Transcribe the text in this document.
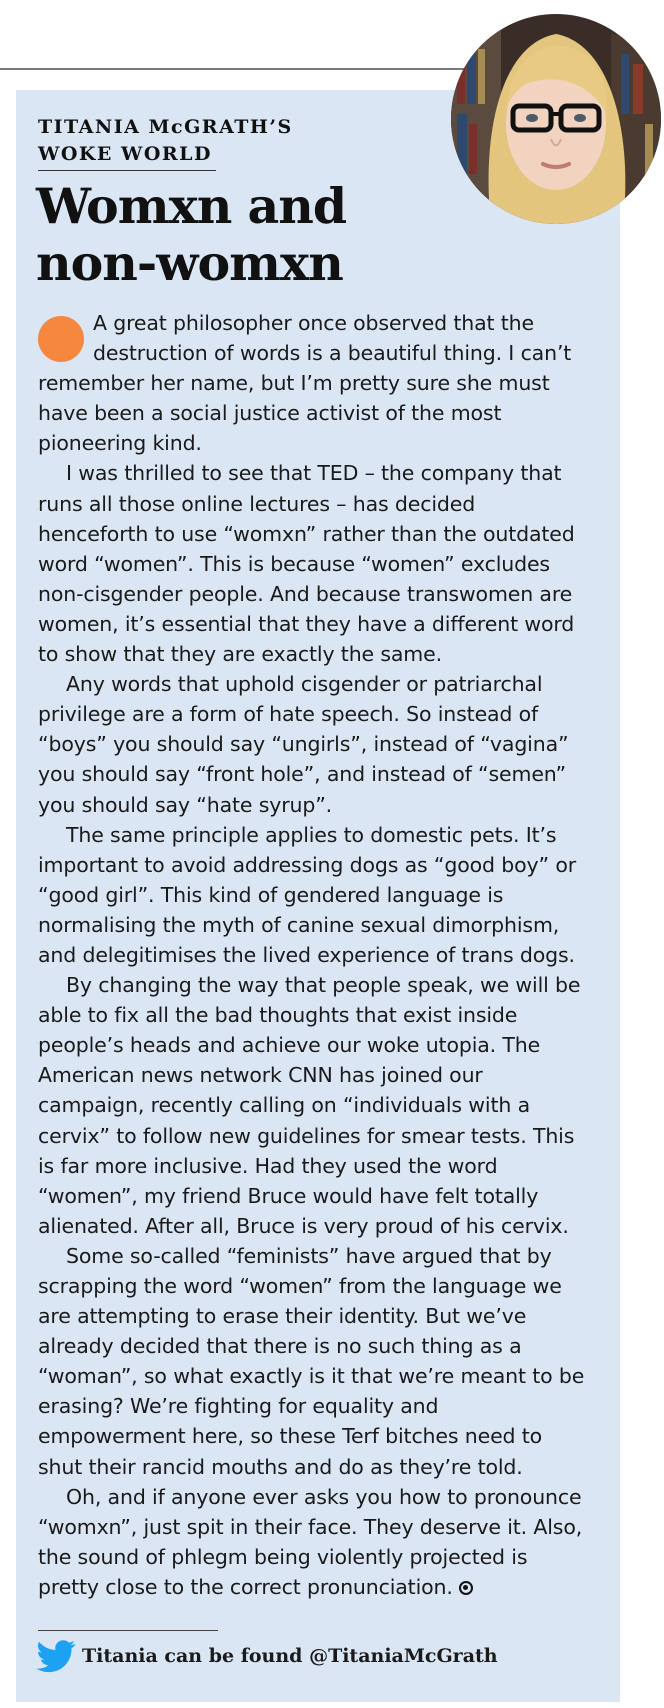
TITANIA McGRATH’S
WOKE WORLD
Womxn and
non-womxn
A great philosopher once observed that the
destruction of words is a beautiful thing. I can’t
remember her name, but I’m pretty sure she must
have been a social justice activist of the most
pioneering kind.
I was thrilled to see that TED – the company that
runs all those online lectures – has decided
henceforth to use “womxn” rather than the outdated
word “women”. This is because “women” excludes
non-cisgender people. And because transwomen are
women, it’s essential that they have a different word
to show that they are exactly the same.
Any words that uphold cisgender or patriarchal
privilege are a form of hate speech. So instead of
“boys” you should say “ungirls”, instead of “vagina”
you should say “front hole”, and instead of “semen”
you should say “hate syrup”.
The same principle applies to domestic pets. It’s
important to avoid addressing dogs as “good boy” or
“good girl”. This kind of gendered language is
normalising the myth of canine sexual dimorphism,
and delegitimises the lived experience of trans dogs.
By changing the way that people speak, we will be
able to fix all the bad thoughts that exist inside
people’s heads and achieve our woke utopia. The
American news network CNN has joined our
campaign, recently calling on “individuals with a
cervix” to follow new guidelines for smear tests. This
is far more inclusive. Had they used the word
“women”, my friend Bruce would have felt totally
alienated. After all, Bruce is very proud of his cervix.
Some so-called “feminists” have argued that by
scrapping the word “women” from the language we
are attempting to erase their identity. But we’ve
already decided that there is no such thing as a
“woman”, so what exactly is it that we’re meant to be
erasing? We’re fighting for equality and
empowerment here, so these Terf bitches need to
shut their rancid mouths and do as they’re told.
Oh, and if anyone ever asks you how to pronounce
“womxn”, just spit in their face. They deserve it. Also,
the sound of phlegm being violently projected is
pretty close to the correct pronunciation.
Titania can be found @TitaniaMcGrath
